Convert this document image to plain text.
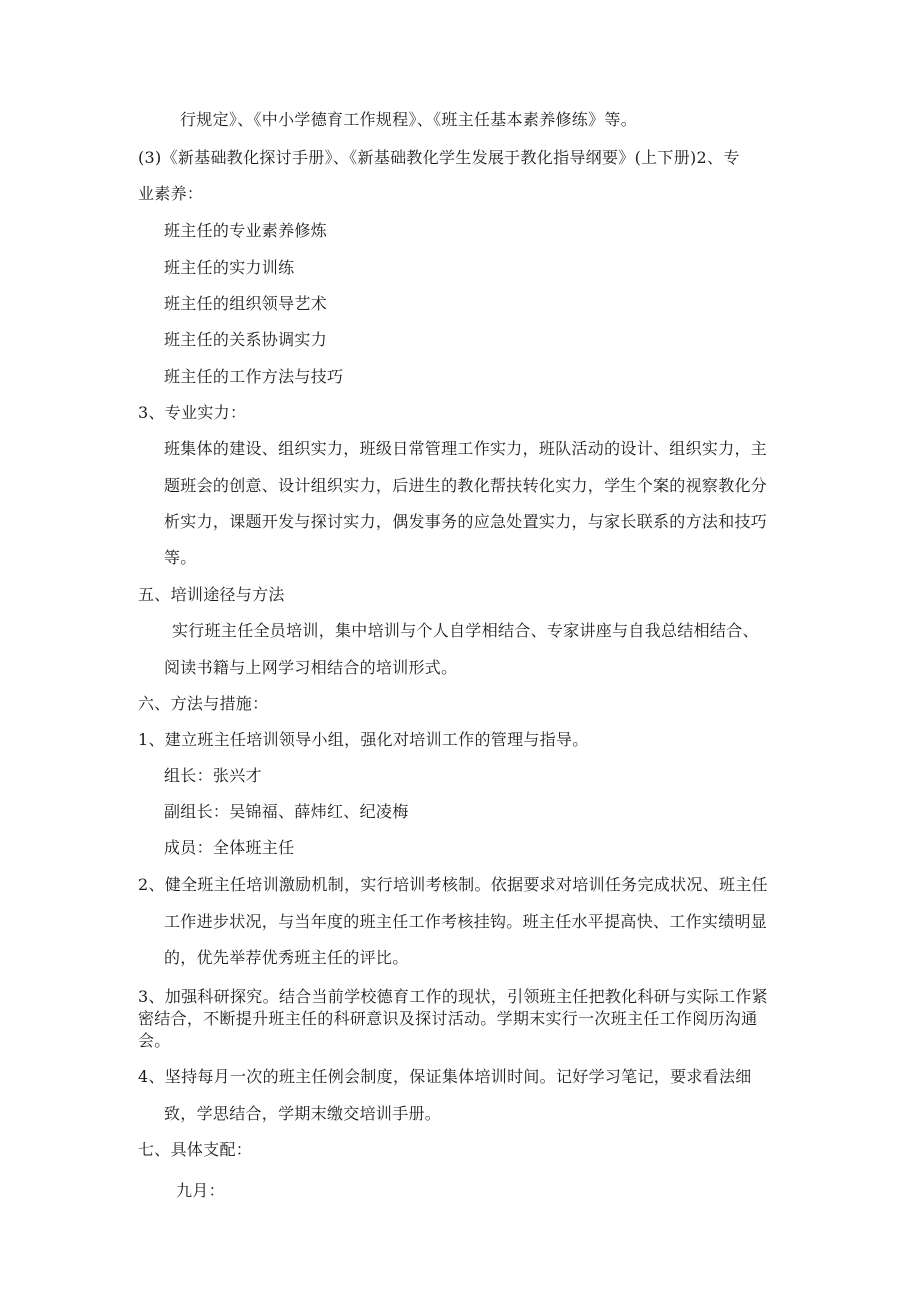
行规定》、《中小学德育工作规程》、《班主任基本素养修练》等。
(3)《新基础教化探讨手册》、《新基础教化学生发展于教化指导纲要》(上下册)2、专
业素养：
班主任的专业素养修炼
班主任的实力训练
班主任的组织领导艺术
班主任的关系协调实力
班主任的工作方法与技巧
3、专业实力：
班集体的建设、组织实力，班级日常管理工作实力，班队活动的设计、组织实力，主
题班会的创意、设计组织实力，后进生的教化帮扶转化实力，学生个案的视察教化分
析实力，课题开发与探讨实力，偶发事务的应急处置实力，与家长联系的方法和技巧
等。
五、培训途径与方法
实行班主任全员培训，集中培训与个人自学相结合、专家讲座与自我总结相结合、
阅读书籍与上网学习相结合的培训形式。
六、方法与措施：
1、建立班主任培训领导小组，强化对培训工作的管理与指导。
组长：张兴才
副组长：吴锦福、薛炜红、纪凌梅
成员：全体班主任
2、健全班主任培训激励机制，实行培训考核制。依据要求对培训任务完成状况、班主任
工作进步状况，与当年度的班主任工作考核挂钩。班主任水平提高快、工作实绩明显
的，优先举荐优秀班主任的评比。
3、加强科研探究。结合当前学校德育工作的现状，引领班主任把教化科研与实际工作紧
密结合，不断提升班主任的科研意识及探讨活动。学期末实行一次班主任工作阅历沟通
会。
4、坚持每月一次的班主任例会制度，保证集体培训时间。记好学习笔记，要求看法细
致，学思结合，学期末缴交培训手册。
七、具体支配：
九月：
